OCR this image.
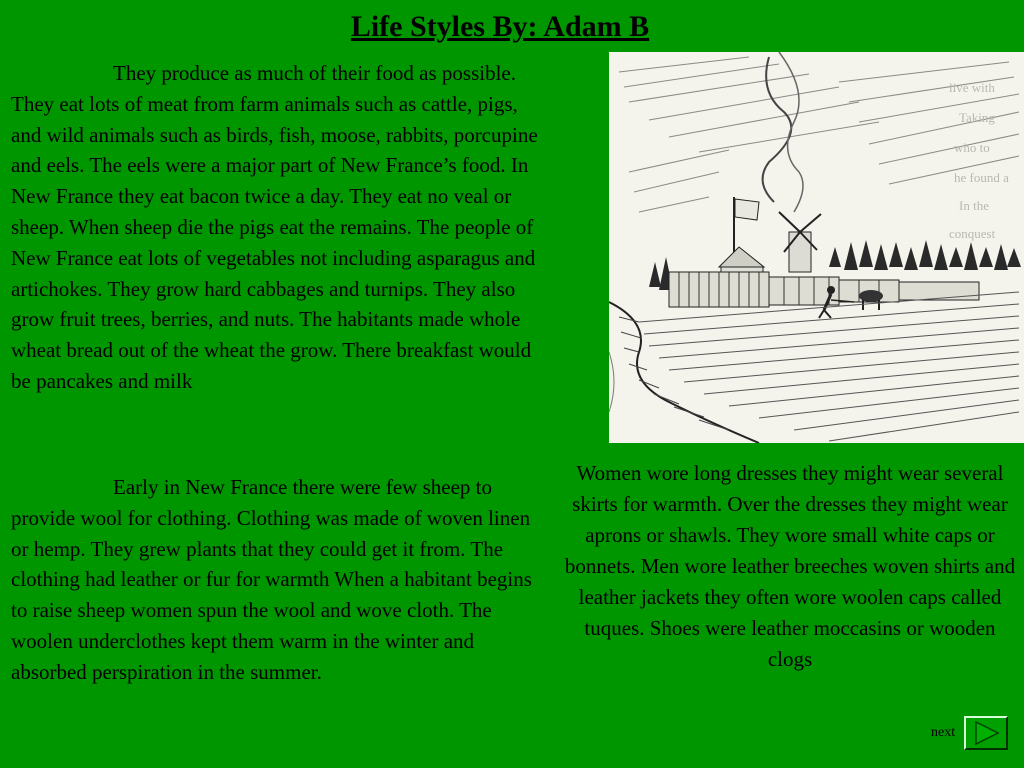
Life Styles By: Adam B

They produce as much of their food as possible. They eat lots of meat from farm animals such as cattle, pigs, and wild animals such as birds, fish, moose, rabbits, porcupine and eels. The eels were a major part of New France’s food. In New France they eat bacon twice a day. They eat no veal or sheep. When sheep die the pigs eat the remains. The people of New France eat lots of vegetables not including asparagus and artichokes. They grow hard cabbages and turnips. They also grow fruit trees, berries, and nuts. The habitants made whole wheat bread out of the wheat the grow. There breakfast would be pancakes and milk

Early in New France there were few sheep to provide wool for clothing. Clothing was made of woven linen or hemp. They grew plants that they could get it from. The clothing had leather or fur for warmth When a habitant begins to raise sheep women spun the wool and wove cloth. The woolen underclothes kept them warm in the winter and absorbed perspiration in the summer.

live with
Taking
who to
he found a
In the
conquest
Women wore long dresses they might wear several skirts for warmth. Over the dresses they might wear aprons or shawls. They wore small white caps or bonnets. Men wore leather breeches woven shirts and leather jackets they often wore woolen caps called tuques. Shoes were leather moccasins or wooden clogs
next
